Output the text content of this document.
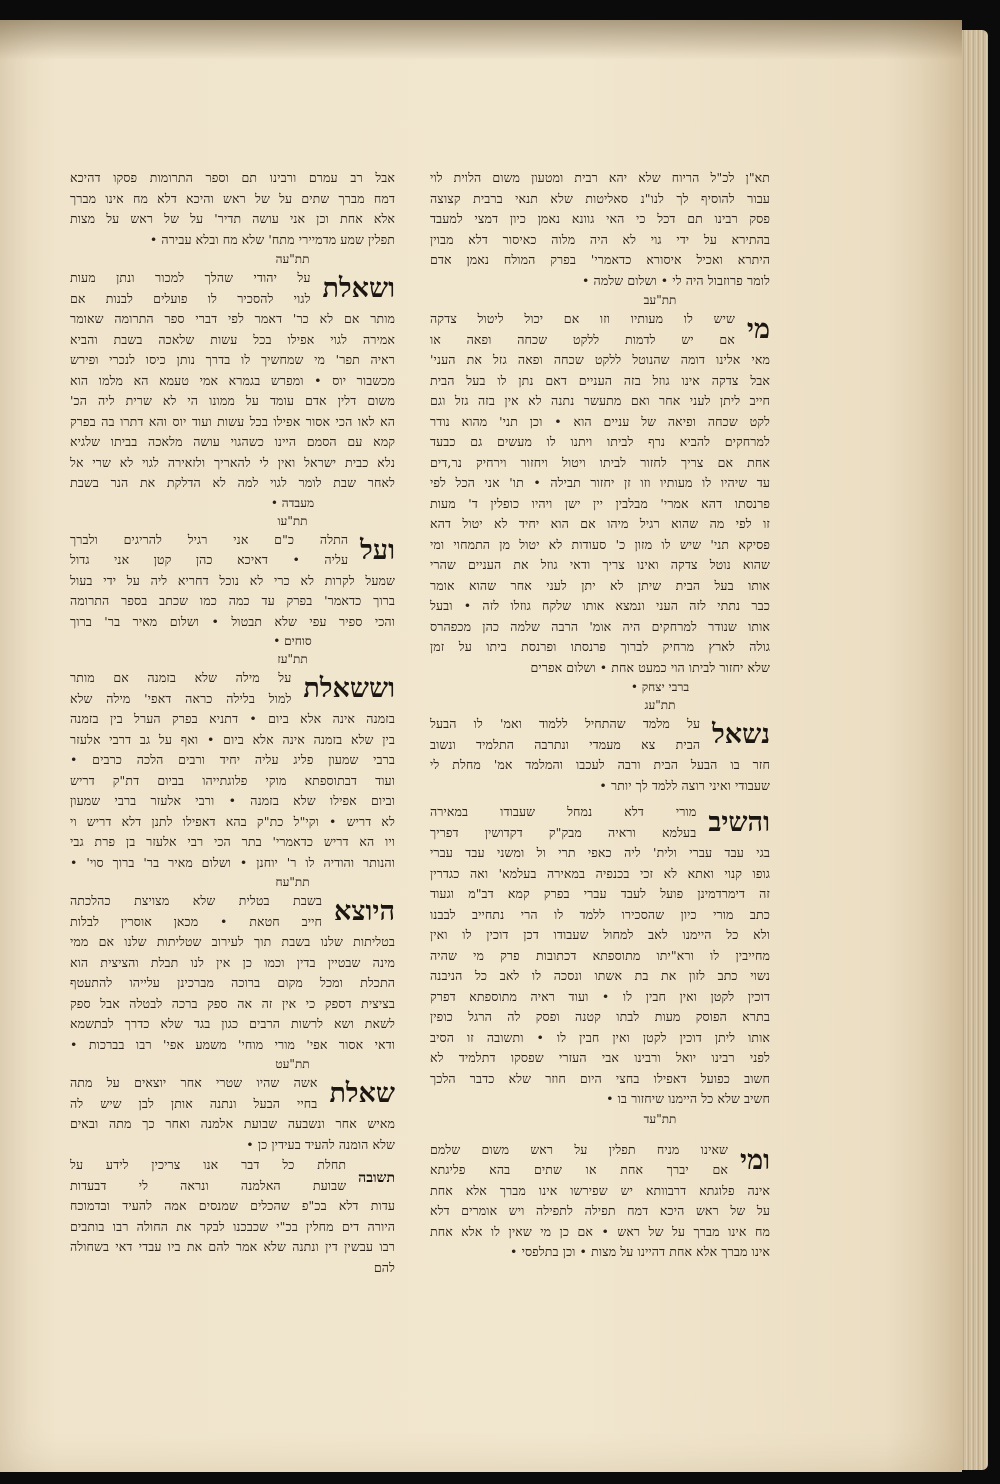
תא"ן לכ"ל הריוח שלא יהא רבית ומטעון משום הלוית לוי
עבור להוסיף לך לנו"נ סאליטות שלא תנאי ברבית קצוצה
פסק רבינו תם דכל כי האי גוונא נאמן כיון דמצי למעבד
בהתירא על ידי גוי לא היה מלוה כאיסור דלא מבוין
היתרא ואכיל איסורא כדאמרי' בפרק המולח נאמן אדם
לומר פרוזבול היה לי • ושלום שלמה •
תת"עב
מי
שיש לו מעותיו וזו אם יכול ליטול צדקה
אם יש לדמות ללקט שכחה ופאה או
מאי אלינו דומה שהנוטל ללקט שכחה ופאה גזל את העני'
אבל צדקה אינו גוזל בזה העניים דאם נתן לו בעל הבית
חייב ליתן לעני אחר ואם מתעשר נתנה לא אין בזה גזל וגם
לקט שכחה ופיאה של עניים הוא • וכן תני' מהוא נודר
למרחקים להביא נרף לביתו ויתנו לו מעשים גם כבעד
אחת אם צריך לחזור לביתו ויטול ויחזור וירחיק נר,דים
עד שיהיו לו מעותיו וזו זן יחזור תבילה • תו' אני הכל לפי
פרנסתו דהא אמרי' מבלבין יין ישן ויהיו כופלין ד' מעות
זו לפי מה שהוא רגיל מיהו אם הוא יחיד לא יטול דהא
פסיקא תני' שיש לו מזון כ' סעודות לא יטול מן התמחוי ומי
שהוא נוטל צדקה ואינו צריך ודאי גוזל את העניים שהרי
אותו בעל הבית שיתן לא יתן לעני אחר שהוא אומר
כבר נתתי לזה העני ונמצא אותו שלקח גוזלו לזה • ובעל
אותו שנודר למרחקים היה אומ' הרבה שלמה כהן מכפהרס
גולה לארץ מרחיק לברוך פרנסתו ופרנסת ביתו על זמן
שלא יחזור לביתו הוי כמעט אחת • ושלום אפרים
ברבי יצחק •
תת"עג
נשאל
על מלמד שהתחיל ללמוד ואמ' לו הבעל
הבית צא מעמדי ונתרבה התלמיד ונשוב
חזר בו הבעל הבית ורבה לעכבו והמלמד אמ' מחלת לי
שעבודי ואיני רוצה ללמד לך יותר •
והשיב
מורי דלא נמחל שעבודו במאירה
בעלמא וראיה מבק"ק דקדושין דפריך
בגי עבד עברי ולית' ליה כאפי תרי ול ומשני עבד עברי
גופו קנוי ואתא לא זכי בכנפיה במאירה בעלמא' ואה כגדרין
זה דימרדמינן פועל לעבד עברי בפרק קמא דב"מ וגעוד
כתב מורי כיון שהסכירו ללמד לו הרי נתחייב לבבנו
ולא כל היימנו לאב למחול שעבודו דכן דוכין לו ואין
מחייבין לו ורא"יתו מתוספתא דכתובות פרק מי שהיה
נשוי כתב לזון את בת אשתו ונסכה לו לאב כל הניבנה
דוכין לקטן ואין חבין לו • ועוד ראיה מתוספתא דפרק
בתרא הפוסק מעות לבתו קטנה ופסק לה הרגל כופין
אותו ליתן דוכין לקטן ואין חבין לו • ותשובה זו הסיב
לפני רבינו יואל ורבינו אבי העזרי שפסקו דתלמיד לא
חשוב כפועל דאפילו בחצי היום חוזר שלא כדבר הלכך
חשיב שלא כל היימנו שיחזור בו •
תת"עד
ומי
שאינו מניח תפלין על ראש משום שלמם
אם יברך אחת או שתים בהא פליגתא
אינה פלוגתא דרבוותא יש שפירשו אינו מברך אלא אחת
על של ראש היכא דמח תפילה לתפילה ויש אומרים דלא
מח אינו מברך על של ראש • אם כן מי שאין לו אלא אחת
אינו מברך אלא אחת דהיינו על מצות • וכן בתלפסי •
אבל רב עמרם ורבינו תם וספר התרומות פסקו דהיכא
דמח מברך שתים על של ראש והיכא דלא מח אינו מברך
אלא אחת וכן אני עושה תדיר' על של ראש על מצות
תפלין שמע מדמיירי מתח' שלא מח ובלא עבירה •
תת"עה
ושאלת
על יהודי שהלך למכור ונתן מעות
לגוי להסכיר לו פועלים לבנות אם
מותר אם לא כר' דאמר לפי דברי ספר התרומה שאומר
אמירה לגוי אפילו בכל עשות שלאכה בשבת והביא
ראיה תפר' מי שמחשיך לו בדרך נותן כיסו לנכרי ופירש
מכשבור יוס • ומפרש בגמרא אמי טעמא הא מלמו הוא
משום דלין אדם עומד על ממונו הי לא שרית ליה הכ'
הא לאו הכי אסור אפילו בכל עשות ועוד יוס והא דתרו בה בפרק
קמא עם הסמם היינו כשהגוי עושה מלאכה בביתו שלגיא
נלא כבית ישראל ואין לי להאריך ולזאירה לגוי לא שרי אל
לאחר שבת לומר לגוי למה לא הדלקת את הנר בשבת
מעבדה •
תת"עו
ועל
התלה כ"ם אני רגיל להריגים ולברך
עליה • דאיכא כהן קטן אני גדול
שמעל לקרות לא כרי לא נוכל דחריא ליה על ידי בעול
ברוך כדאמר' בפרק עד כמה כמו שכתב בספר התרומה
והכי ספיר עפי שלא תבטול • ושלום מאיר בר' ברוך
סוחים •
תת"עז
וששאלת
על מילה שלא בזמנה אם מותר
למול בלילה כראה דאפי' מילה שלא
בזמנה אינה אלא ביום • דתניא בפרק הערל בין בזמנה
בין שלא בזמנה אינה אלא ביום • ואף על גב דרבי אלעזר
ברבי שמעון פליג עליה יחיד ורבים הלכה כרבים •
ועוד דבתוספתא מוקי פלוגתייהו בביום דת"ק דריש
וביום אפילו שלא בזמנה • ורבי אלעזר ברבי שמעון
לא דריש • וקי"ל כת"ק בהא דאפילו לתנן דלא דריש וי
ויו הא דריש כדאמרי' בתר הכי רבי אלעזר בן פרת גבי
והנותר והודיה לו ר' יוחנן • ושלום מאיר בר' ברוך סוי' •
תת"עח
היוצא
בשבת בטלית שלא מצויצת כהלכתה
חייב חטאת • מכאן אוסרין לבלות
בטליתות שלנו בשבת תוך לעירוב שטליתות שלנו אם ממי
מינה שבטיין בדין וכמו כן אין לנו תבלת והציצית הוא
התכלת ומכל מקום ברוכה מברכינן עלייהו להתעטף
בציצית דספק כי אין זה אה ספק ברכה לבטלה אבל ספק
לשאת ושא לרשות הרבים כגון בגד שלא כדרך לבתשמא
ודאי אסור אפי' מורי מוחי' משמע אפי' רבו בברכות •
תת"עט
שאלת
אשה שהיו שטרי אחר יוצאים על מתה
בחיי הבעל ונתנה אותן לבן שיש לה
מאיש אחר ונשבעה שבועת אלמנה ואחר כך מתה ובאים
שלא הומנה להעיד בעידין כן •
תשובה
תחלת כל דבר אנו צריכין לידע על
שבועת האלמנה ונראה לי דבעדות
עדות דלא בכ"פ שהכלים שמנסים אמה להעיד ובדמוכח
היורה דים מחלין בכ"י שכבכנו לבקר את החולה רבו בותבים
רבו עבשין דין ונתנה שלא אמר להם את ביו עבדי דאי בשחולה
להם
